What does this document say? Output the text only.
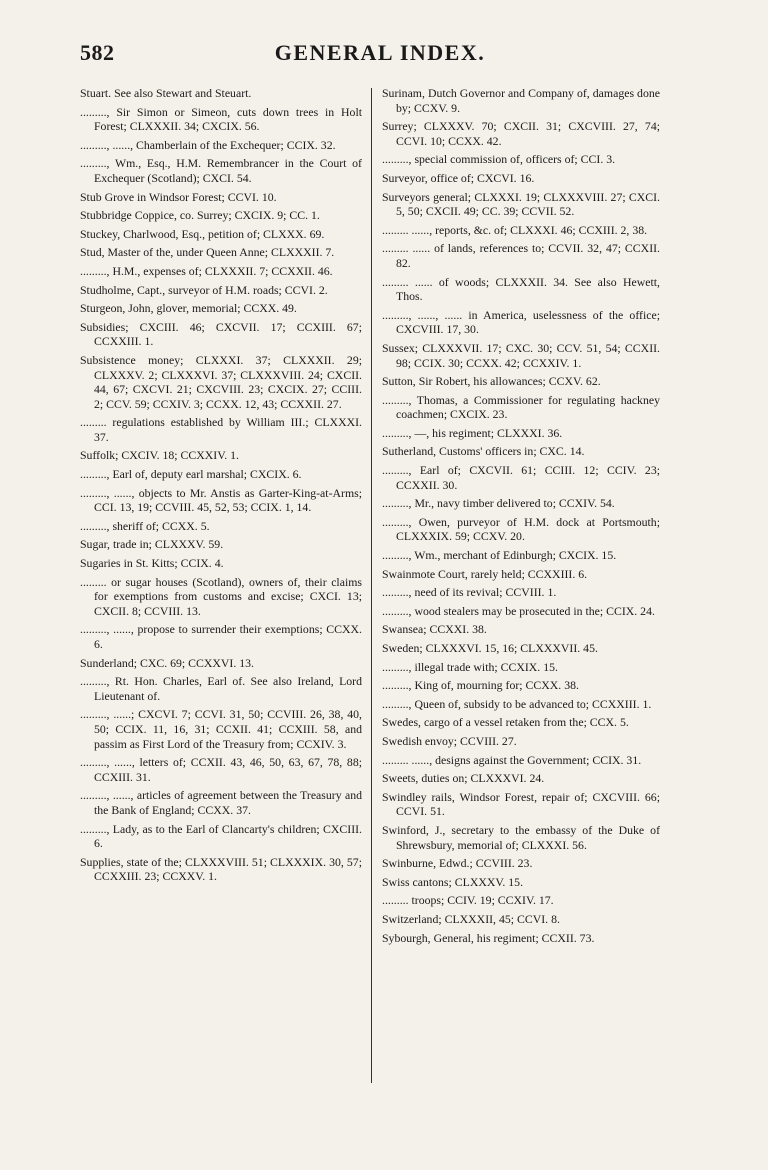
582	GENERAL INDEX.
Stuart. See also Stewart and Steuart.
........., Sir Simon or Simeon, cuts down trees in Holt Forest; CLXXXII. 34; CXCIX. 56.
........., ......, Chamberlain of the Exchequer; CCIX. 32.
........., Wm., Esq., H.M. Remembrancer in the Court of Exchequer (Scotland); CXCI. 54.
Stub Grove in Windsor Forest; CCVI. 10.
Stubbridge Coppice, co. Surrey; CXCIX. 9; CC. 1.
Stuckey, Charlwood, Esq., petition of; CLXXX. 69.
Stud, Master of the, under Queen Anne; CLXXXII. 7.
........., H.M., expenses of; CLXXXII. 7; CCXXII. 46.
Studholme, Capt., surveyor of H.M. roads; CCVI. 2.
Sturgeon, John, glover, memorial; CCXX. 49.
Subsidies; CXCIII. 46; CXCVII. 17; CCXIII. 67; CCXXIII. 1.
Subsistence money; CLXXXI. 37; CLXXXII. 29; CLXXXV. 2; CLXXXVI. 37; CLXXXVIII. 24; CXCII. 44, 67; CXCVI. 21; CXCVIII. 23; CXCIX. 27; CCIII. 2; CCV. 59; CCXIV. 3; CCXX. 12, 43; CCXXII. 27.
......... regulations established by William III.; CLXXXI. 37.
Suffolk; CXCIV. 18; CCXXIV. 1.
........., Earl of, deputy earl marshal; CXCIX. 6.
........., ......, objects to Mr. Anstis as Garter-King-at-Arms; CCI. 13, 19; CCVIII. 45, 52, 53; CCIX. 1, 14.
........., sheriff of; CCXX. 5.
Sugar, trade in; CLXXXV. 59.
Sugaries in St. Kitts; CCIX. 4.
......... or sugar houses (Scotland), owners of, their claims for exemptions from customs and excise; CXCI. 13; CXCII. 8; CCVIII. 13.
........., ......, propose to surrender their exemptions; CCXX. 6.
Sunderland; CXC. 69; CCXXVI. 13.
........., Rt. Hon. Charles, Earl of. See also Ireland, Lord Lieutenant of.
........., ......; CXCVI. 7; CCVI. 31, 50; CCVIII. 26, 38, 40, 50; CCIX. 11, 16, 31; CCXII. 41; CCXIII. 58, and passim as First Lord of the Treasury from; CCXIV. 3.
........., ......, letters of; CCXII. 43, 46, 50, 63, 67, 78, 88; CCXIII. 31.
........., ......, articles of agreement between the Treasury and the Bank of England; CCXX. 37.
........., Lady, as to the Earl of Clancarty's children; CXCIII. 6.
Supplies, state of the; CLXXXVIII. 51; CLXXXIX. 30, 57; CCXXIII. 23; CCXXV. 1.
Surinam, Dutch Governor and Company of, damages done by; CCXV. 9.
Surrey; CLXXXV. 70; CXCII. 31; CXCVIII. 27, 74; CCVI. 10; CCXX. 42.
........., special commission of, officers of; CCI. 3.
Surveyor, office of; CXCVI. 16.
Surveyors general; CLXXXI. 19; CLXXXVIII. 27; CXCI. 5, 50; CXCII. 49; CC. 39; CCVII. 52.
......... ......, reports, &c. of; CLXXXI. 46; CCXIII. 2, 38.
......... ...... of lands, references to; CCVII. 32, 47; CCXII. 82.
......... ...... of woods; CLXXXII. 34. See also Hewett, Thos.
........., ......, ...... in America, uselessness of the office; CXCVIII. 17, 30.
Sussex; CLXXXVII. 17; CXC. 30; CCV. 51, 54; CCXII. 98; CCIX. 30; CCXX. 42; CCXXIV. 1.
Sutton, Sir Robert, his allowances; CCXV. 62.
........., Thomas, a Commissioner for regulating hackney coachmen; CXCIX. 23.
........., —, his regiment; CLXXXI. 36.
Sutherland, Customs' officers in; CXC. 14.
........., Earl of; CXCVII. 61; CCIII. 12; CCIV. 23; CCXXII. 30.
........., Mr., navy timber delivered to; CCXIV. 54.
........., Owen, purveyor of H.M. dock at Portsmouth; CLXXXIX. 59; CCXV. 20.
........., Wm., merchant of Edinburgh; CXCIX. 15.
Swainmote Court, rarely held; CCXXIII. 6.
........., need of its revival; CCVIII. 1.
........., wood stealers may be prosecuted in the; CCIX. 24.
Swansea; CCXXI. 38.
Sweden; CLXXXVI. 15, 16; CLXXXVII. 45.
........., illegal trade with; CCXIX. 15.
........., King of, mourning for; CCXX. 38.
........., Queen of, subsidy to be advanced to; CCXXIII. 1.
Swedes, cargo of a vessel retaken from the; CCX. 5.
Swedish envoy; CCVIII. 27.
......... ......, designs against the Government; CCIX. 31.
Sweets, duties on; CLXXXVI. 24.
Swindley rails, Windsor Forest, repair of; CXCVIII. 66; CCVI. 51.
Swinford, J., secretary to the embassy of the Duke of Shrewsbury, memorial of; CLXXXI. 56.
Swinburne, Edwd.; CCVIII. 23.
Swiss cantons; CLXXXV. 15.
......... troops; CCIV. 19; CCXIV. 17.
Switzerland; CLXXXII, 45; CCVI. 8.
Sybourgh, General, his regiment; CCXII. 73.
